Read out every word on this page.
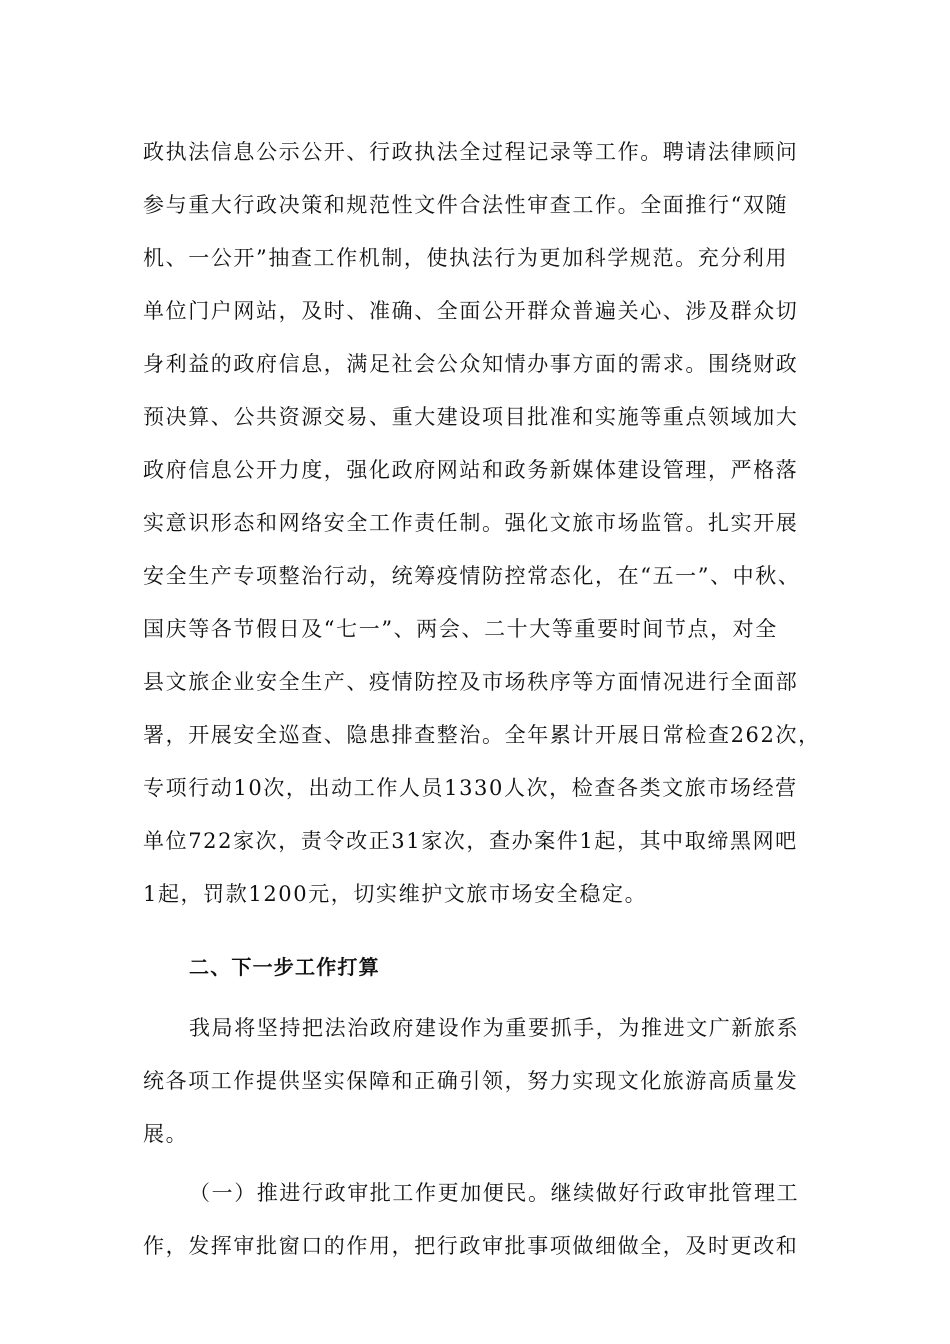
政执法信息公示公开、行政执法全过程记录等工作。聘请法律顾问
参与重大行政决策和规范性文件合法性审查工作。全面推行“双随
机、一公开”抽查工作机制，使执法行为更加科学规范。充分利用
单位门户网站，及时、准确、全面公开群众普遍关心、涉及群众切
身利益的政府信息，满足社会公众知情办事方面的需求。围绕财政
预决算、公共资源交易、重大建设项目批准和实施等重点领域加大
政府信息公开力度，强化政府网站和政务新媒体建设管理，严格落
实意识形态和网络安全工作责任制。强化文旅市场监管。扎实开展
安全生产专项整治行动，统筹疫情防控常态化，在“五一”、中秋、
国庆等各节假日及“七一”、两会、二十大等重要时间节点，对全
县文旅企业安全生产、疫情防控及市场秩序等方面情况进行全面部
署，开展安全巡查、隐患排查整治。全年累计开展日常检查262次，
专项行动10次，出动工作人员1330人次，检查各类文旅市场经营
单位722家次，责令改正31家次，查办案件1起，其中取缔黑网吧
1起，罚款1200元，切实维护文旅市场安全稳定。
二、下一步工作打算
我局将坚持把法治政府建设作为重要抓手，为推进文广新旅系
统各项工作提供坚实保障和正确引领，努力实现文化旅游高质量发
展。
（一）推进行政审批工作更加便民。继续做好行政审批管理工
作，发挥审批窗口的作用，把行政审批事项做细做全，及时更改和
